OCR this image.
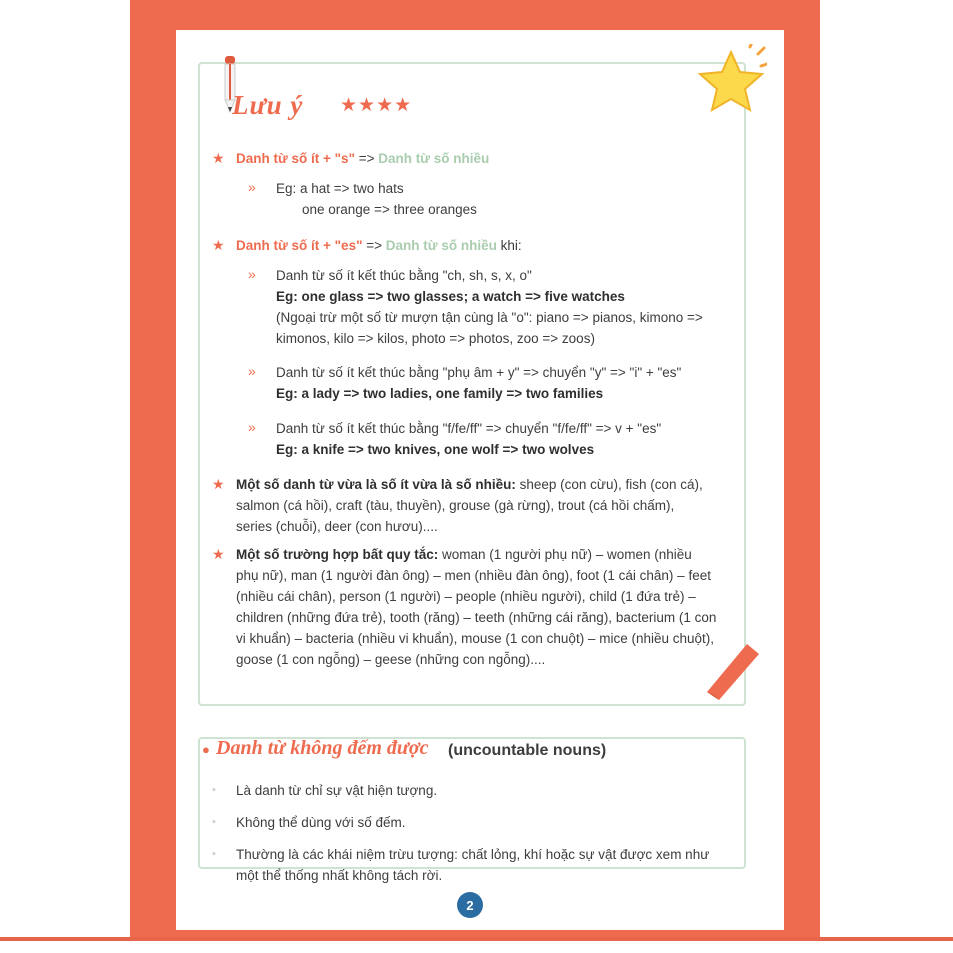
Lưu ý ★★★★
★ Danh từ số ít + "s" => Danh từ số nhiều
» Eg: a hat => two hats
one orange => three oranges
★ Danh từ số ít + "es" => Danh từ số nhiều khi:
» Danh từ số ít kết thúc bằng "ch, sh, s, x, o"
Eg: one glass => two glasses; a watch => five watches
(Ngoại trừ một số từ mượn tận cùng là "o": piano => pianos, kimono => kimonos, kilo => kilos, photo => photos, zoo => zoos)
» Danh từ số ít kết thúc bằng "phụ âm + y" => chuyển "y" => "i" + "es"
Eg: a lady => two ladies, one family => two families
» Danh từ số ít kết thúc bằng "f/fe/ff" => chuyển "f/fe/ff" => v + "es"
Eg: a knife => two knives, one wolf => two wolves
★ Một số danh từ vừa là số ít vừa là số nhiều: sheep (con cừu), fish (con cá), salmon (cá hồi), craft (tàu, thuyền), grouse (gà rừng), trout (cá hồi chấm), series (chuỗi), deer (con hươu)....
★ Một số trường hợp bất quy tắc: woman (1 người phụ nữ) – women (nhiều phụ nữ), man (1 người đàn ông) – men (nhiều đàn ông), foot (1 cái chân) – feet (nhiều cái chân), person (1 người) – people (nhiều người), child (1 đứa trẻ) – children (những đứa trẻ), tooth (răng) – teeth (những cái răng), bacterium (1 con vi khuẩn) – bacteria (nhiều vi khuẩn), mouse (1 con chuột) – mice (nhiều chuột), goose (1 con ngỗng) – geese (những con ngỗng)....
● Danh từ không đếm được (uncountable nouns)
▪ Là danh từ chỉ sự vật hiện tượng.
▪ Không thể dùng với số đếm.
▪ Thường là các khái niệm trừu tượng: chất lỏng, khí hoặc sự vật được xem như một thể thống nhất không tách rời.
2
